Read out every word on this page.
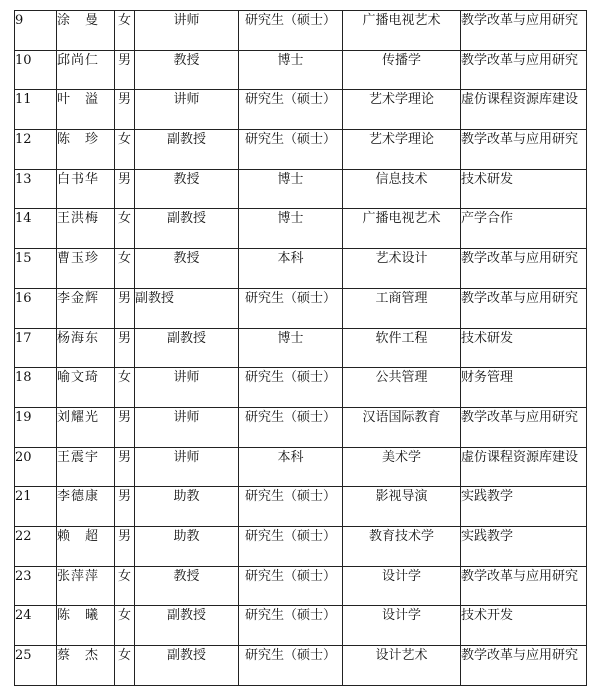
9	涂　曼	女	讲师	研究生（硕士）	广播电视艺术	教学改革与应用研究
10	邱尚仁	男	教授	博士	传播学	教学改革与应用研究
11	叶　溢	男	讲师	研究生（硕士）	艺术学理论	虚仿课程资源库建设
12	陈　珍	女	副教授	研究生（硕士）	艺术学理论	教学改革与应用研究
13	白书华	男	教授	博士	信息技术	技术研发
14	王洪梅	女	副教授	博士	广播电视艺术	产学合作
15	曹玉珍	女	教授	本科	艺术设计	教学改革与应用研究
16	李金辉	男	副教授	研究生（硕士）	工商管理	教学改革与应用研究
17	杨海东	男	副教授	博士	软件工程	技术研发
18	喻文琦	女	讲师	研究生（硕士）	公共管理	财务管理
19	刘耀光	男	讲师	研究生（硕士）	汉语国际教育	教学改革与应用研究
20	王震宇	男	讲师	本科	美术学	虚仿课程资源库建设
21	李德康	男	助教	研究生（硕士）	影视导演	实践教学
22	赖　超	男	助教	研究生（硕士）	教育技术学	实践教学
23	张萍萍	女	教授	研究生（硕士）	设计学	教学改革与应用研究
24	陈　曦	女	副教授	研究生（硕士）	设计学	技术开发
25	蔡　杰	女	副教授	研究生（硕士）	设计艺术	教学改革与应用研究
